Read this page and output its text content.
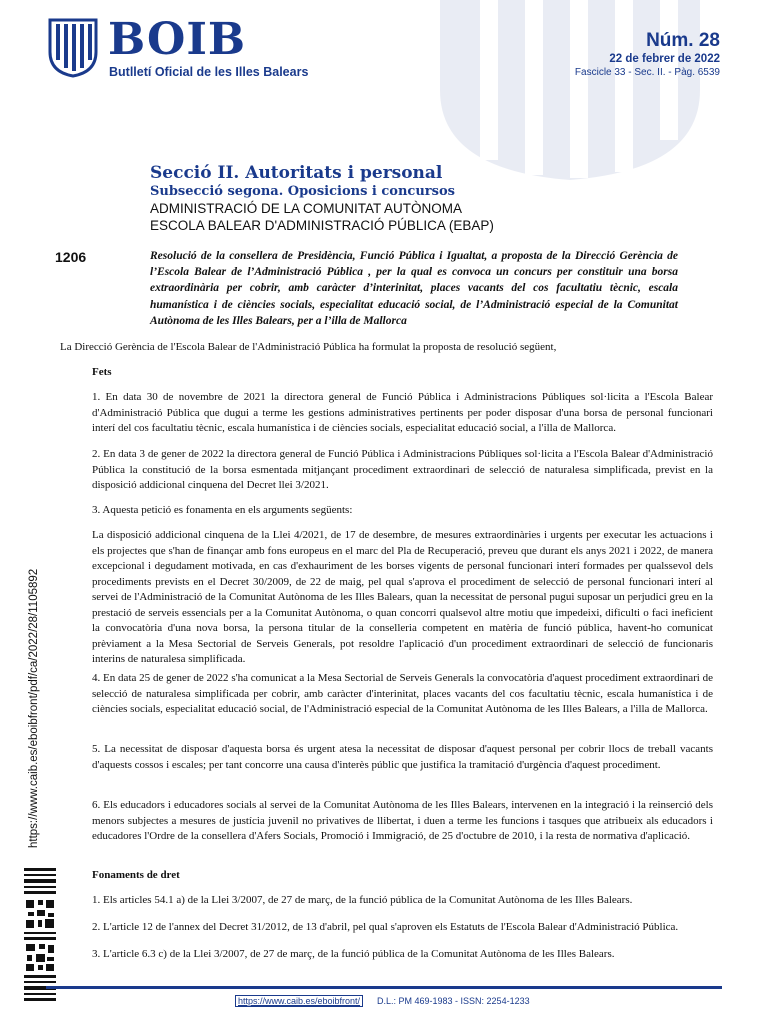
BOIB
Butlletí Oficial de les Illes Balears
Núm. 28
22 de febrer de 2022
Fascicle 33 - Sec. II. - Pàg. 6539
Secció II. Autoritats i personal
Subsecció segona. Oposicions i concursos
ADMINISTRACIÓ DE LA COMUNITAT AUTÒNOMA
ESCOLA BALEAR D'ADMINISTRACIÓ PÚBLICA (EBAP)
1206	Resolució de la consellera de Presidència, Funció Pública i Igualtat, a proposta de la Direcció Gerència de l’Escola Balear de l’Administració Pública , per la qual es convoca un concurs per constituir una borsa extraordinària per cobrir, amb caràcter d’interinitat, places vacants del cos facultatiu tècnic, escala humanística i de ciències socials, especialitat educació social, de l’Administració especial de la Comunitat Autònoma de les Illes Balears, per a l’illa de Mallorca

La Direcció Gerència de l'Escola Balear de l'Administració Pública ha formulat la proposta de resolució següent,

Fets

1. En data 30 de novembre de 2021 la directora general de Funció Pública i Administracions Públiques sol·licita a l'Escola Balear d'Administració Pública que dugui a terme les gestions administratives pertinents per poder disposar d'una borsa de personal funcionari interí del cos facultatiu tècnic, escala humanística i de ciències socials, especialitat educació social, a l'illa de Mallorca.

2. En data 3 de gener de 2022 la directora general de Funció Pública i Administracions Públiques sol·licita a l'Escola Balear d'Administració Pública la constitució de la borsa esmentada mitjançant procediment extraordinari de selecció de naturalesa simplificada, previst en la disposició addicional cinquena del Decret llei 3/2021.

3. Aquesta petició es fonamenta en els arguments següents:

La disposició addicional cinquena de la Llei 4/2021, de 17 de desembre, de mesures extraordinàries i urgents per executar les actuacions i els projectes que s'han de finançar amb fons europeus en el marc del Pla de Recuperació, preveu que durant els anys 2021 i 2022, de manera excepcional i degudament motivada, en cas d'exhauriment de les borses vigents de personal funcionari interí formades per qualssevol dels procediments prevists en el Decret 30/2009, de 22 de maig, pel qual s'aprova el procediment de selecció de personal funcionari interí al servei de l'Administració de la Comunitat Autònoma de les Illes Balears, quan la necessitat de personal pugui suposar un perjudici greu en la prestació de serveis essencials per a la Comunitat Autònoma, o quan concorri qualsevol altre motiu que impedeixi, dificulti o faci ineficient la convocatòria d'una nova borsa, la persona titular de la conselleria competent en matèria de funció pública, havent-ho comunicat prèviament a la Mesa Sectorial de Serveis Generals, pot resoldre l'aplicació d'un procediment extraordinari de selecció de funcionaris interins de naturalesa simplificada.

4. En data 25 de gener de 2022 s'ha comunicat a la Mesa Sectorial de Serveis Generals la convocatòria d'aquest procediment extraordinari de selecció de naturalesa simplificada per cobrir, amb caràcter d'interinitat, places vacants del cos facultatiu tècnic, escala humanística i de ciències socials, especialitat educació social, de l'Administració especial de la Comunitat Autònoma de les Illes Balears, a l'illa de Mallorca.

5. La necessitat de disposar d'aquesta borsa és urgent atesa la necessitat de disposar d'aquest personal per cobrir llocs de treball vacants d'aquests cossos i escales; per tant concorre una causa d'interès públic que justifica la tramitació d'urgència d'aquest procediment.

6. Els educadors i educadores socials al servei de la Comunitat Autònoma de les Illes Balears, intervenen en la integració i la reinserció dels menors subjectes a mesures de justícia juvenil no privatives de llibertat, i duen a terme les funcions i tasques que atribueix als educadors i educadores l'Ordre de la consellera d'Afers Socials, Promoció i Immigració, de 25 d'octubre de 2010, i la resta de normativa d'aplicació.

Fonaments de dret

1. Els articles 54.1 a) de la Llei 3/2007, de 27 de març, de la funció pública de la Comunitat Autònoma de les Illes Balears.

2. L'article 12 de l'annex del Decret 31/2012, de 13 d'abril, pel qual s'aproven els Estatuts de l'Escola Balear d'Administració Pública.

3. L'article 6.3 c) de la Llei 3/2007, de 27 de març, de la funció pública de la Comunitat Autònoma de les Illes Balears.

https://www.caib.es/eboibfront/pdf/ca/2022/28/1105892
https://www.caib.es/eboibfront/	D.L.: PM 469-1983 - ISSN: 2254-1233
